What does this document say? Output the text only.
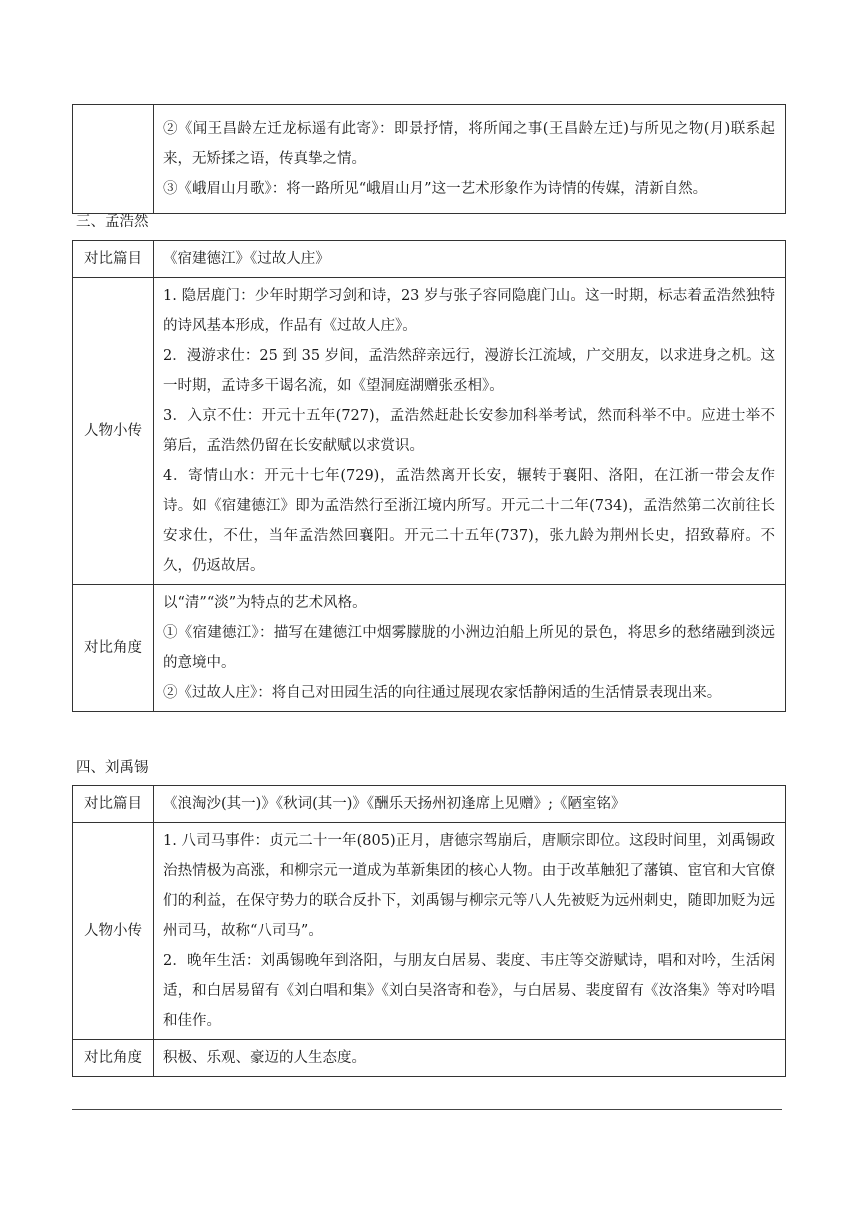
②《闻王昌龄左迁龙标遥有此寄》：即景抒情，将所闻之事(王昌龄左迁)与所见之物(月)联系起来，无矫揉之语，传真挚之情。

③《峨眉山月歌》：将一路所见“峨眉山月”这一艺术形象作为诗情的传媒，清新自然。

三、孟浩然
对比篇目	《宿建德江》《过故人庄》
人物小传	1. 隐居鹿门：少年时期学习剑和诗，23 岁与张子容同隐鹿门山。这一时期，标志着孟浩然独特的诗风基本形成，作品有《过故人庄》。

2．漫游求仕：25 到 35 岁间，孟浩然辞亲远行，漫游长江流域，广交朋友，以求进身之机。这一时期，孟诗多干谒名流，如《望洞庭湖赠张丞相》。

3．入京不仕：开元十五年(727)，孟浩然赶赴长安参加科举考试，然而科举不中。应进士举不第后，孟浩然仍留在长安献赋以求赏识。

4．寄情山水：开元十七年(729)，孟浩然离开长安，辗转于襄阳、洛阳，在江浙一带会友作诗。如《宿建德江》即为孟浩然行至浙江境内所写。开元二十二年(734)，孟浩然第二次前往长安求仕，不仕，当年孟浩然回襄阳。开元二十五年(737)，张九龄为荆州长史，招致幕府。不久，仍返故居。

对比角度	以“清”“淡”为特点的艺术风格。

①《宿建德江》：描写在建德江中烟雾朦胧的小洲边泊船上所见的景色，将思乡的愁绪融到淡远的意境中。

②《过故人庄》：将自己对田园生活的向往通过展现农家恬静闲适的生活情景表现出来。

四、刘禹锡
对比篇目	《浪淘沙(其一)》《秋词(其一)》《酬乐天扬州初逢席上见赠》;《陋室铭》
人物小传	1. 八司马事件：贞元二十一年(805)正月，唐德宗驾崩后，唐顺宗即位。这段时间里，刘禹锡政治热情极为高涨，和柳宗元一道成为革新集团的核心人物。由于改革触犯了藩镇、宦官和大官僚们的利益，在保守势力的联合反扑下，刘禹锡与柳宗元等八人先被贬为远州刺史，随即加贬为远州司马，故称“八司马”。

2．晚年生活：刘禹锡晚年到洛阳，与朋友白居易、裴度、韦庄等交游赋诗，唱和对吟，生活闲适，和白居易留有《刘白唱和集》《刘白吴洛寄和卷》，与白居易、裴度留有《汝洛集》等对吟唱和佳作。

对比角度	积极、乐观、豪迈的人生态度。
